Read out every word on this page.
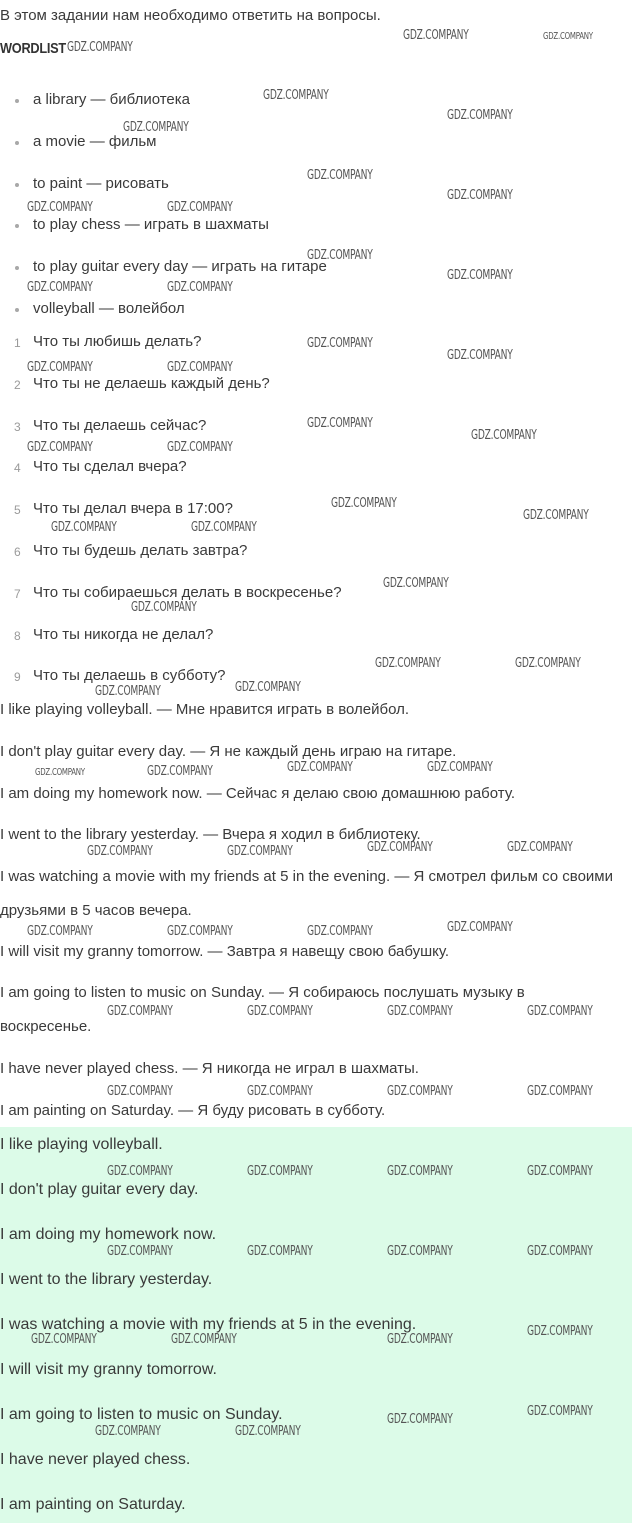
В этом задании нам необходимо ответить на вопросы.
WORDLIST
a library — библиотека
a movie — фильм
to paint — рисовать
to play chess — играть в шахматы
to play guitar every day — играть на гитаре
volleyball — волейбол
1 Что ты любишь делать?
2 Что ты не делаешь каждый день?
3 Что ты делаешь сейчас?
4 Что ты сделал вчера?
5 Что ты делал вчера в 17:00?
6 Что ты будешь делать завтра?
7 Что ты собираешься делать в воскресенье?
8 Что ты никогда не делал?
9 Что ты делаешь в субботу?

I like playing volleyball. — Мне нравится играть в волейбол.

I don't play guitar every day. — Я не каждый день играю на гитаре.

I am doing my homework now. — Сейчас я делаю свою домашнюю работу.

I went to the library yesterday. — Вчера я ходил в библиотеку.

I was watching a movie with my friends at 5 in the evening. — Я смотрел фильм со своими друзьями в 5 часов вечера.

I will visit my granny tomorrow. — Завтра я навещу свою бабушку.

I am going to listen to music on Sunday. — Я собираюсь послушать музыку в воскресенье.

I have never played chess. — Я никогда не играл в шахматы.

I am painting on Saturday. — Я буду рисовать в субботу.

I like playing volleyball.

I don't play guitar every day.

I am doing my homework now.

I went to the library yesterday.

I was watching a movie with my friends at 5 in the evening.

I will visit my granny tomorrow.

I am going to listen to music on Sunday.

I have never played chess.

I am painting on Saturday.

GDZ.COMPANY
GDZ.COMPANY	GDZ.COMPANY
GDZ.COMPANY
GDZ.COMPANY
GDZ.COMPANY
GDZ.COMPANY
GDZ.COMPANY
GDZ.COMPANY	GDZ.COMPANY
GDZ.COMPANY
GDZ.COMPANY
GDZ.COMPANY	GDZ.COMPANY
GDZ.COMPANY
GDZ.COMPANY
GDZ.COMPANY	GDZ.COMPANY
GDZ.COMPANY
GDZ.COMPANY
GDZ.COMPANY	GDZ.COMPANY
GDZ.COMPANY
GDZ.COMPANY
GDZ.COMPANY	GDZ.COMPANY
GDZ.COMPANY
GDZ.COMPANY
GDZ.COMPANY	GDZ.COMPANY
GDZ.COMPANY	GDZ.COMPANY
GDZ.COMPANY	GDZ.COMPANY	GDZ.COMPANY	GDZ.COMPANY
GDZ.COMPANY	GDZ.COMPANY	GDZ.COMPANY	GDZ.COMPANY
GDZ.COMPANY	GDZ.COMPANY	GDZ.COMPANY	GDZ.COMPANY
GDZ.COMPANY	GDZ.COMPANY	GDZ.COMPANY	GDZ.COMPANY
GDZ.COMPANY	GDZ.COMPANY	GDZ.COMPANY	GDZ.COMPANY
GDZ.COMPANY	GDZ.COMPANY	GDZ.COMPANY	GDZ.COMPANY
GDZ.COMPANY	GDZ.COMPANY	GDZ.COMPANY	GDZ.COMPANY
GDZ.COMPANY	GDZ.COMPANY	GDZ.COMPANY
GDZ.COMPANY
GDZ.COMPANY
GDZ.COMPANY
GDZ.COMPANY	GDZ.COMPANY
